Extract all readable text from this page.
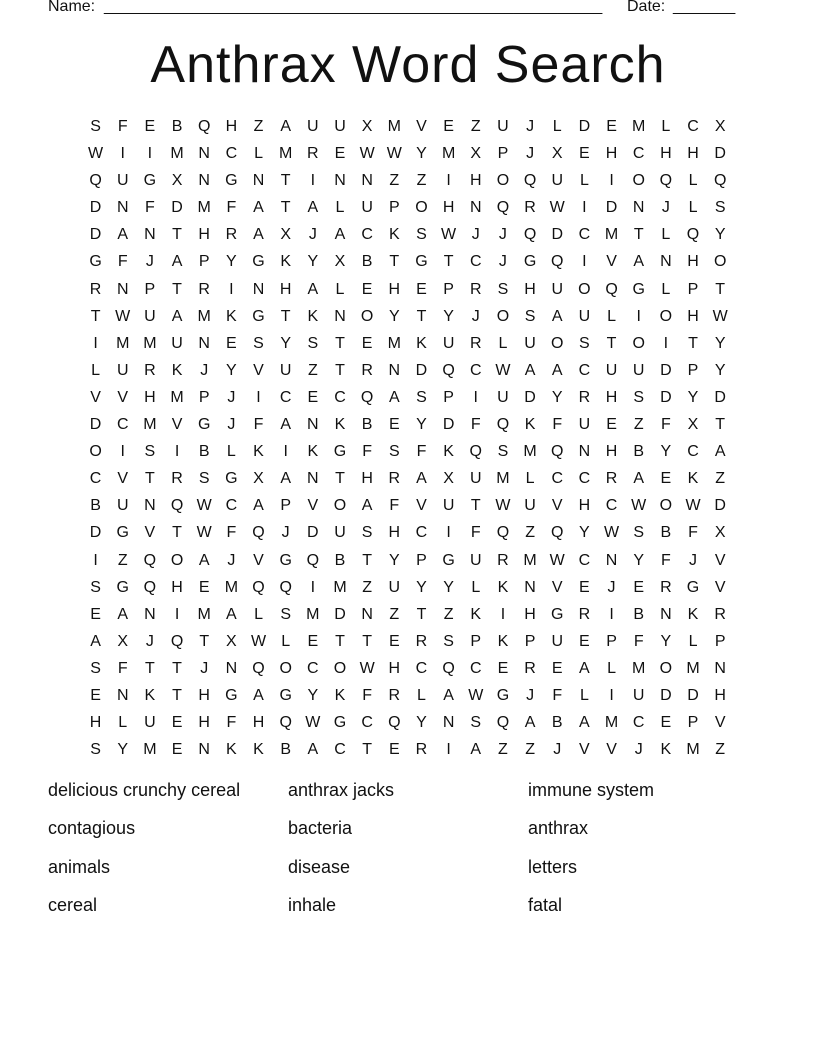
Name: ________________________________________________________ Date: _______
Anthrax Word Search
S	F	E	B Q H	Z	A	U U	X M V	E	Z	U	J	L	D	E M	L	C	X
W	I	I	M N C	L	M R	E W W Y M X	P	J	X	E	H C H H D
Q U G X	N G N	T	I	N N	Z	Z	I	H O Q U	L	I	O Q	L	Q
D N	F	D M F	A	T	A	L	U	P O H N Q R W	I	D N	J	L	S
D	A	N	T	H R	A	X	J	A	C	K	S W J	J	Q D C M T	L	Q Y
G	F	J	A	P	Y G K	Y	X	B	T	G	T	C	J	G Q	I	V	A	N H O
R N	P	T	R	I	N H	A	L	E	H	E	P	R	S	H U O Q G	L	P	T
T W U	A M K G	T	K	N O Y	T	Y	J	O S	A	U	L	I	O H W
I	M M U N	E	S	Y	S	T	E M K	U R	L	U O S	T	O	I	T	Y
L	U R	K	J	Y	V	U	Z	T	R N D Q C W A	A	C U U D	P	Y
V	V	H M P	J	I	C	E	C Q A	S	P	I	U D	Y	R H	S	D	Y	D
D C M V G	J	F	A	N	K	B	E	Y	D	F	Q K	F	U	E	Z	F	X	T
O	I	S	I	B	L	K	I	K G	F	S	F	K Q S M Q N H	B	Y	C	A
C	V	T	R	S G X	A	N	T	H R	A	X	U M	L	C C R	A	E	K	Z
B	U N Q W C	A	P	V O A	F	V	U	T W U	V	H C W O W D
D G V	T W F	Q	J	D U	S	H C	I	F	Q	Z	Q Y W S	B	F	X
I	Z	Q O A	J	V G Q B	T	Y	P G U R M W C N	Y	F	J	V
S G Q H	E M Q Q	I	M Z	U	Y	Y	L	K	N	V	E	J	E	R G V
E	A	N	I	M A	L	S M D N	Z	T	Z	K	I	H G R	I	B	N	K	R
A	X	J	Q	T	X W L	E	T	T	E	R	S	P	K	P	U	E	P	F	Y	L	P
S	F	T	T	J	N Q O C O W H C Q C	E	R	E	A	L	M O M N
E	N	K	T	H G A G Y	K	F	R	L	A W G	J	F	L	I	U D D H
H	L	U	E	H	F	H Q W G C Q Y	N	S Q A	B	A M C	E	P	V
S	Y M E	N	K	K	B	A	C	T	E	R	I	A	Z	Z	J	V	V	J	K M Z
delicious crunchy cereal	anthrax jacks	immune system
contagious	bacteria	anthrax
animals	disease	letters
cereal	inhale	fatal
